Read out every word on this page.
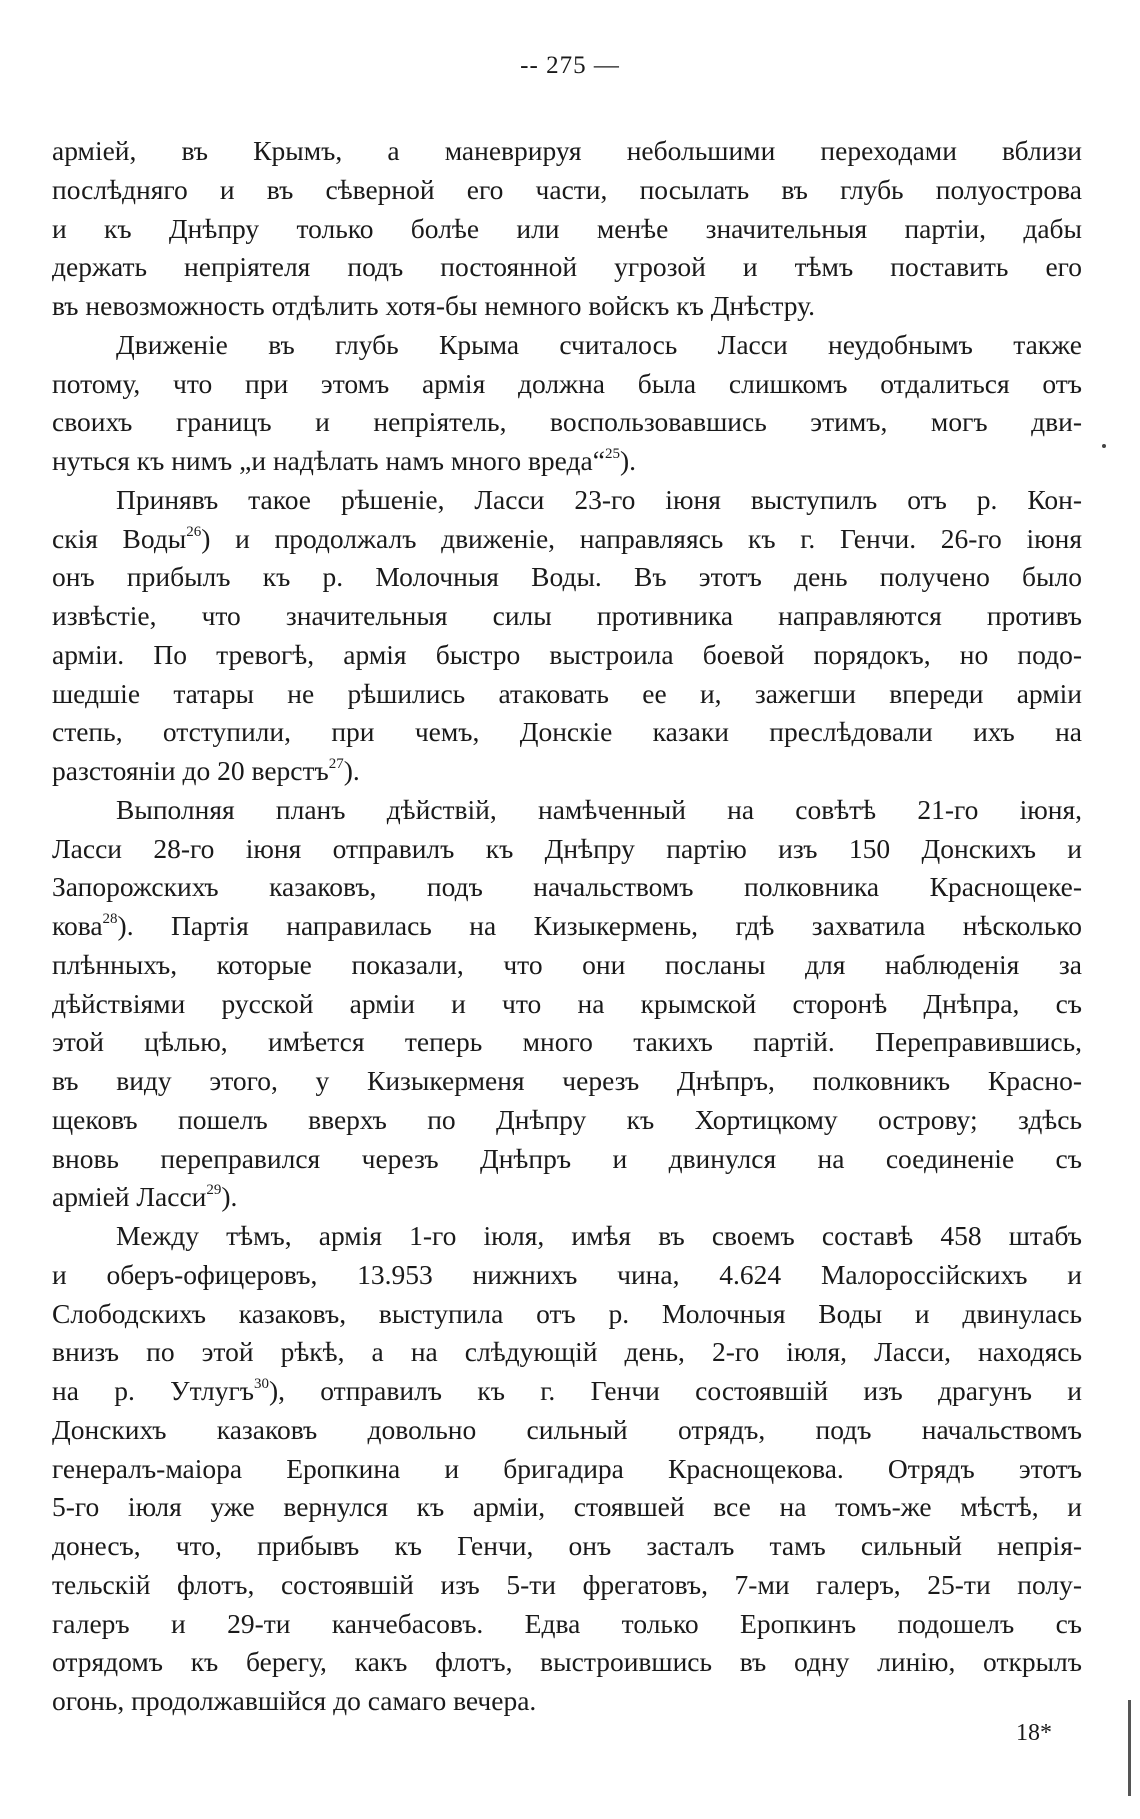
-- 275 —
арміей, въ Крымъ, а маневрируя небольшими переходами вблизи
послѣдняго и въ сѣверной его части, посылать въ глубь полуострова
и къ Днѣпру только болѣе или менѣе значительныя партіи, дабы
держать непріятеля подъ постоянной угрозой и тѣмъ поставить его
въ невозможность отдѣлить хотя-бы немного войскъ къ Днѣстру.
Движеніе въ глубь Крыма считалось Ласси неудобнымъ также
потому, что при этомъ армія должна была слишкомъ отдалиться отъ
своихъ границъ и непріятель, воспользовавшись этимъ, могъ дви-
нуться къ нимъ „и надѣлать намъ много вреда“$^{25}$).
Принявъ такое рѣшеніе, Ласси 23-го іюня выступилъ отъ р. Кон-
скія Воды$^{26}$) и продолжалъ движеніе, направляясь къ г. Генчи. 26-го іюня
онъ прибылъ къ р. Молочныя Воды. Въ этотъ день получено было
извѣстіе, что значительныя силы противника направляются противъ
арміи. По тревогѣ, армія быстро выстроила боевой порядокъ, но подо-
шедшіе татары не рѣшились атаковать ее и, зажегши впереди арміи
степь, отступили, при чемъ, Донскіе казаки преслѣдовали ихъ на
разстояніи до 20 верстъ$^{27}$).
Выполняя планъ дѣйствій, намѣченный на совѣтѣ 21-го іюня,
Ласси 28-го іюня отправилъ къ Днѣпру партію изъ 150 Донскихъ и
Запорожскихъ казаковъ, подъ начальствомъ полковника Краснощеке-
кова$^{28}$). Партія направилась на Кизыкермень, гдѣ захватила нѣсколько
плѣнныхъ, которые показали, что они посланы для наблюденія за
дѣйствіями русской арміи и что на крымской сторонѣ Днѣпра, съ
этой цѣлью, имѣется теперь много такихъ партій. Переправившись,
въ виду этого, у Кизыкерменя черезъ Днѣпръ, полковникъ Красно-
щековъ пошелъ вверхъ по Днѣпру къ Хортицкому острову; здѣсь
вновь переправился черезъ Днѣпръ и двинулся на соединеніе съ
арміей Ласси$^{29}$).
Между тѣмъ, армія 1-го іюля, имѣя въ своемъ составѣ 458 штабъ
и оберъ-офицеровъ, 13.953 нижнихъ чина, 4.624 Малороссійскихъ и
Слободскихъ казаковъ, выступила отъ р. Молочныя Воды и двинулась
внизъ по этой рѣкѣ, а на слѣдующій день, 2-го іюля, Ласси, находясь
на р. Утлугъ$^{30}$), отправилъ къ г. Генчи состоявшій изъ драгунъ и
Донскихъ казаковъ довольно сильный отрядъ, подъ начальствомъ
генералъ-маіора Еропкина и бригадира Краснощекова. Отрядъ этотъ
5-го іюля уже вернулся къ арміи, стоявшей все на томъ-же мѣстѣ, и
донесъ, что, прибывъ къ Генчи, онъ засталъ тамъ сильный непрія-
тельскій флотъ, состоявшій изъ 5-ти фрегатовъ, 7-ми галеръ, 25-ти полу-
галеръ и 29-ти канчебасовъ. Едва только Еропкинъ подошелъ съ
отрядомъ къ берегу, какъ флотъ, выстроившись въ одну линію, открылъ
огонь, продолжавшійся до самаго вечера.
18*
